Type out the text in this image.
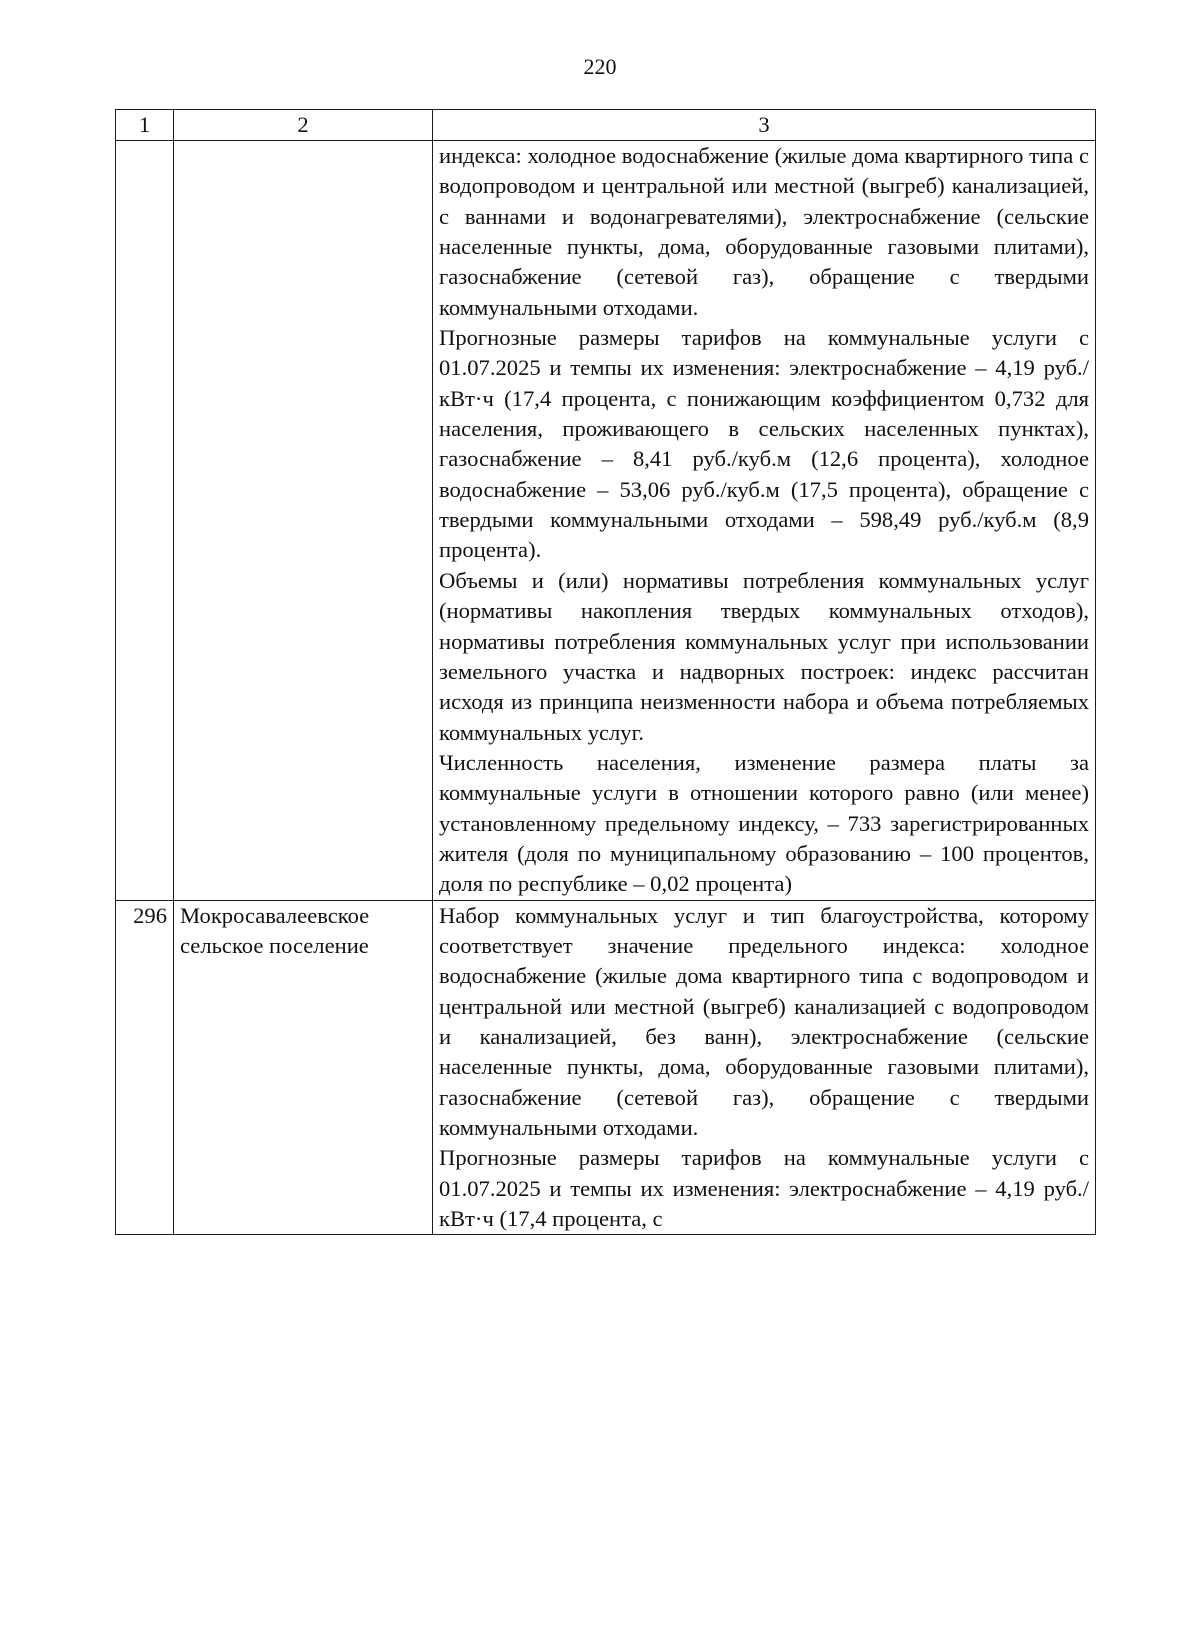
220
1	2	3

		индекса: холодное водоснабжение (жилые дома квартирного типа с водопроводом и центральной или местной (выгреб) канализацией, с ваннами и водонагревателями), электроснабжение (сельские населенные пункты, дома, оборудованные газовыми плитами), газоснабжение (сетевой газ), обращение с твердыми коммунальными отходами.

Прогнозные размеры тарифов на коммунальные услуги с 01.07.2025 и темпы их изменения: электроснабжение – 4,19 руб./кВт·ч (17,4 процента, с понижающим коэффициентом 0,732 для населения, проживающего в сельских населенных пунктах), газоснабжение – 8,41 руб./куб.м (12,6 процента), холодное водоснабжение – 53,06 руб./куб.м (17,5 процента), обращение с твердыми коммунальными отходами – 598,49 руб./куб.м (8,9 процента).

Объемы и (или) нормативы потребления коммунальных услуг (нормативы накопления твердых коммунальных отходов), нормативы потребления коммунальных услуг при использовании земельного участка и надворных построек: индекс рассчитан исходя из принципа неизменности набора и объема потребляемых коммунальных услуг.

Численность населения, изменение размера платы за коммунальные услуги в отношении которого равно (или менее) установленному предельному индексу, – 733 зарегистрированных жителя (доля по муниципальному образованию – 100 процентов, доля по республике – 0,02 процента)

296	Мокросавалеевское сельское поселение	Набор коммунальных услуг и тип благоустройства, которому соответствует значение предельного индекса: холодное водоснабжение (жилые дома квартирного типа с водопроводом и центральной или местной (выгреб) канализацией с водопроводом и канализацией, без ванн), электроснабжение (сельские населенные пункты, дома, оборудованные газовыми плитами), газоснабжение (сетевой газ), обращение с твердыми коммунальными отходами.

Прогнозные размеры тарифов на коммунальные услуги с 01.07.2025 и темпы их изменения: электроснабжение – 4,19 руб./кВт·ч (17,4 процента, с
